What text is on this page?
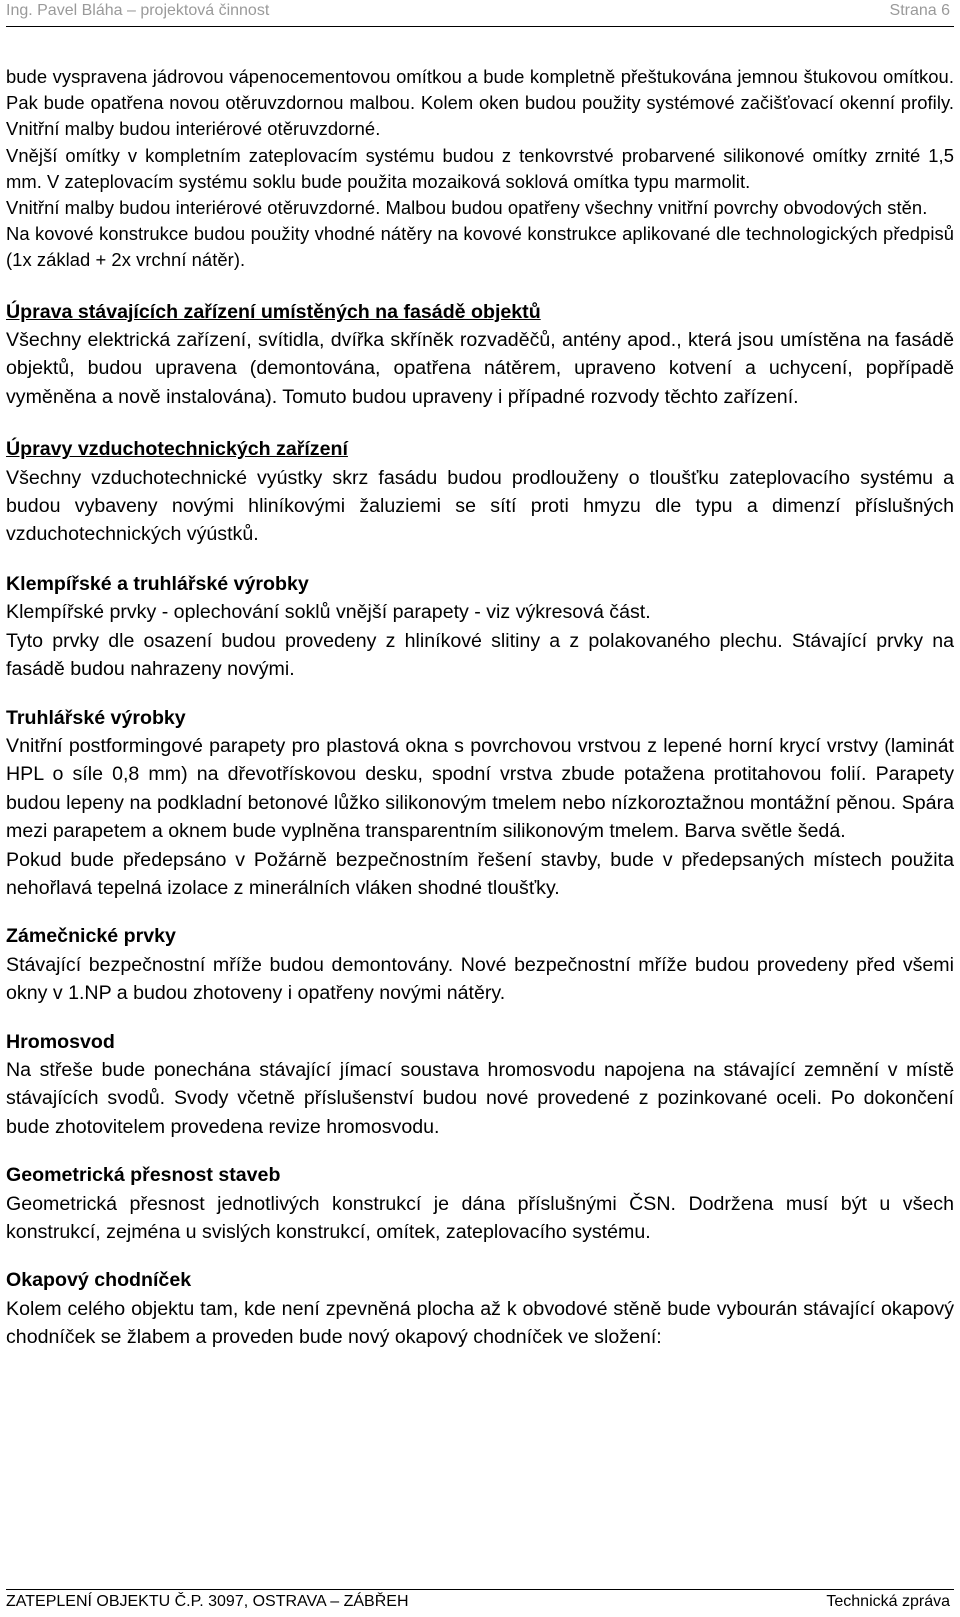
Ing. Pavel Bláha – projektová činnost	Strana 6

bude vyspravena jádrovou vápenocementovou omítkou a bude kompletně přeštukována jemnou štukovou omítkou. Pak bude opatřena novou otěruvzdornou malbou. Kolem oken budou použity systémové začišťovací okenní profily. Vnitřní malby budou interiérové otěruvzdorné.

Vnější omítky v kompletním zateplovacím systému budou z tenkovrstvé probarvené silikonové omítky zrnité 1,5 mm. V zateplovacím systému soklu bude použita mozaiková soklová omítka typu marmolit.

Vnitřní malby budou interiérové otěruvzdorné. Malbou budou opatřeny všechny vnitřní povrchy obvodových stěn.

Na kovové konstrukce budou použity vhodné nátěry na kovové konstrukce aplikované dle technologických předpisů (1x základ + 2x vrchní nátěr).

Úprava stávajících zařízení umístěných na fasádě objektů

Všechny elektrická zařízení, svítidla, dvířka skříněk rozvaděčů, antény apod., která jsou umístěna na fasádě objektů, budou upravena (demontována, opatřena nátěrem, upraveno kotvení a uchycení, popřípadě vyměněna a nově instalována). Tomuto budou upraveny i případné rozvody těchto zařízení.

Úpravy vzduchotechnických zařízení

Všechny vzduchotechnické vyústky skrz fasádu budou prodlouženy o tloušťku zateplovacího systému a budou vybaveny novými hliníkovými žaluziemi se sítí proti hmyzu dle typu a dimenzí příslušných vzduchotechnických výústků.

Klempířské a truhlářské výrobky

Klempířské prvky - oplechování soklů vnější parapety - viz výkresová část.

Tyto prvky dle osazení budou provedeny z hliníkové slitiny a z polakovaného plechu. Stávající prvky na fasádě budou nahrazeny novými.

Truhlářské výrobky

Vnitřní postformingové parapety pro plastová okna s povrchovou vrstvou z lepené horní krycí vrstvy (laminát HPL o síle 0,8 mm) na dřevotřískovou desku, spodní vrstva zbude potažena protitahovou folií. Parapety budou lepeny na podkladní betonové lůžko silikonovým tmelem nebo nízkoroztažnou montážní pěnou. Spára mezi parapetem a oknem bude vyplněna transparentním silikonovým tmelem. Barva světle šedá.

Pokud bude předepsáno v Požárně bezpečnostním řešení stavby, bude v předepsaných místech použita nehořlavá tepelná izolace z minerálních vláken shodné tloušťky.

Zámečnické prvky

Stávající bezpečnostní mříže budou demontovány. Nové bezpečnostní mříže budou provedeny před všemi okny v 1.NP a budou zhotoveny i opatřeny novými nátěry.

Hromosvod

Na střeše bude ponechána stávající jímací soustava hromosvodu napojena na stávající zemnění v místě stávajících svodů. Svody včetně příslušenství budou nové provedené z pozinkované oceli. Po dokončení bude zhotovitelem provedena revize hromosvodu.

Geometrická přesnost staveb

Geometrická přesnost jednotlivých konstrukcí je dána příslušnými ČSN. Dodržena musí být u všech konstrukcí, zejména u svislých konstrukcí, omítek, zateplovacího systému.

Okapový chodníček

Kolem celého objektu tam, kde není zpevněná plocha až k obvodové stěně bude vybourán stávající okapový chodníček se žlabem a proveden bude nový okapový chodníček ve složení:

ZATEPLENÍ OBJEKTU Č.P. 3097, OSTRAVA – ZÁBŘEH	Technická zpráva
